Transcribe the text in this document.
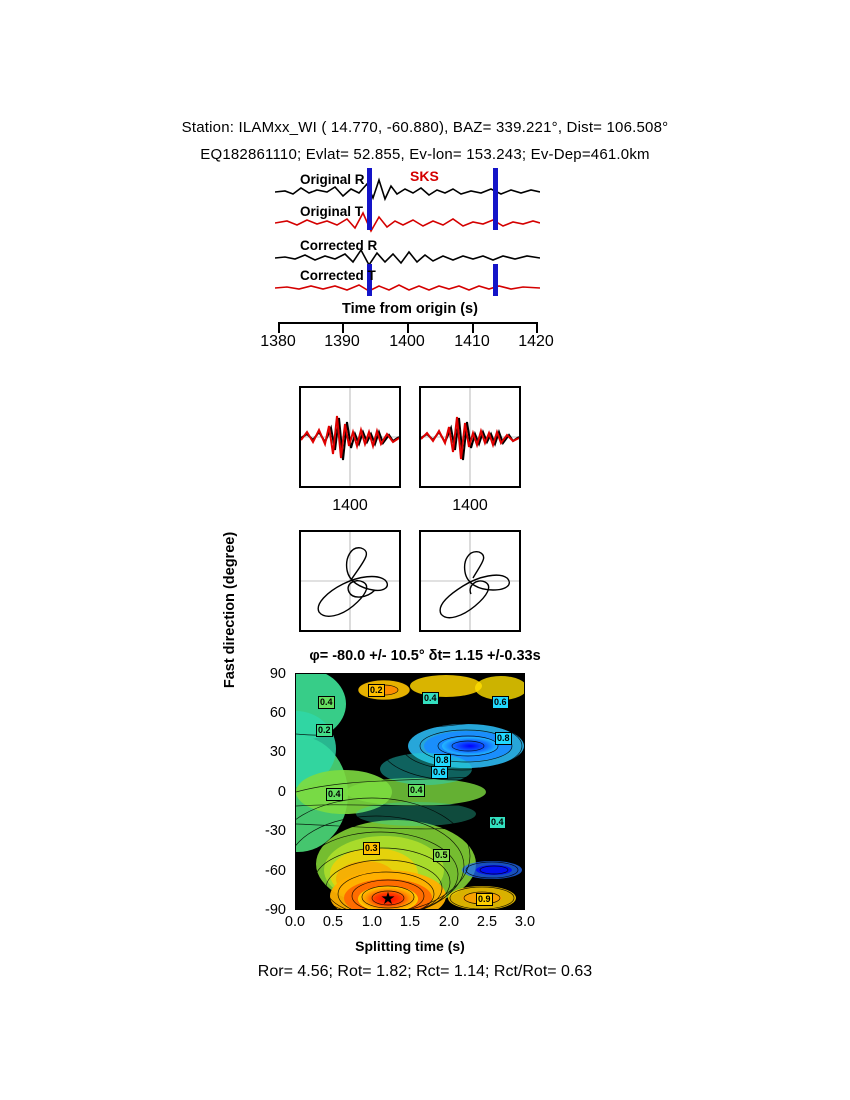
Station: ILAMxx_WI ( 14.770, -60.880), BAZ= 339.221°, Dist= 106.508°
EQ182861110; Evlat= 52.855, Ev-lon= 153.243; Ev-Dep=461.0km
SKS
Original R
Original T
Corrected R
Corrected T
Time from origin (s)
1380 1390 1400 1410 1420
1400	1400
φ= -80.0 +/- 10.5° δt= 1.15 +/-0.33s
Fast direction (degree)
Splitting time (s)
90
60
30
0
-30
-60
-90
0.0 0.5 1.0 1.5 2.0 2.5 3.0
★
0.2
0.4	0.4	0.6
0.2
0.8
0.8
0.6
0.4	0.4
0.4
0.3
0.5
0.9
Ror= 4.56; Rot= 1.82; Rct= 1.14; Rct/Rot= 0.63
